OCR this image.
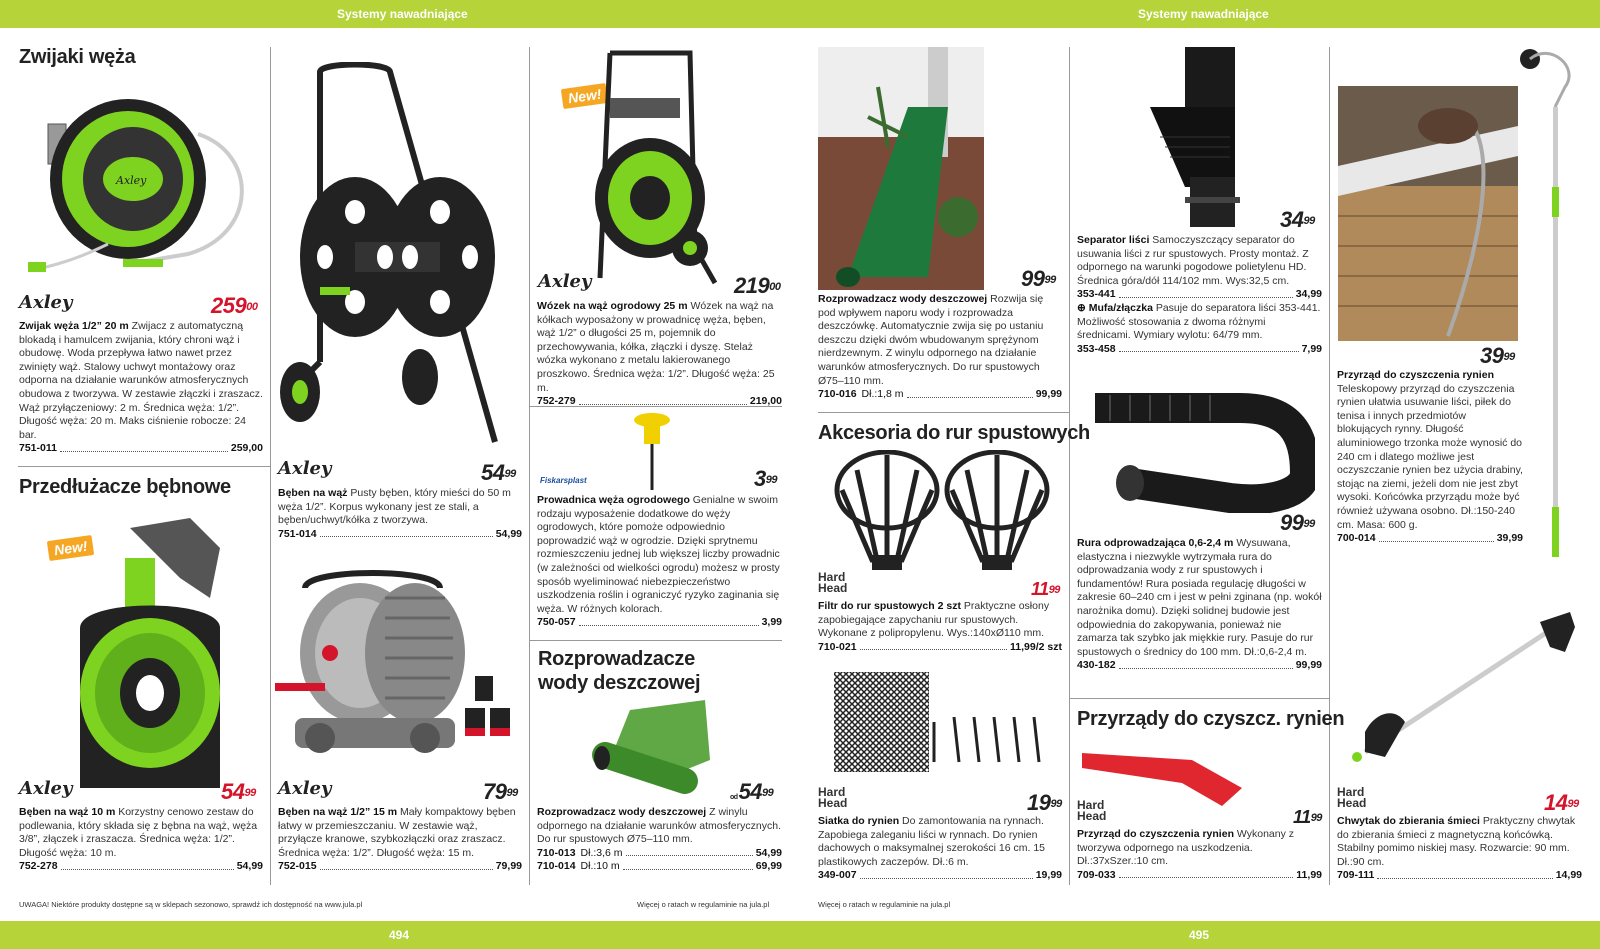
Systemy nawadniające	Systemy nawadniające
Zwijaki węża
Axley
Axley	$259^{00}$
Zwijak węża 1/2” 20 m Zwijacz z automatyczną blokadą i hamulcem zwijania, który chroni wąż i obudowę. Woda przepływa łatwo nawet przez zwinięty wąż. Stalowy uchwyt montażowy oraz odporna na działanie warunków atmosferycznych obudowa z tworzywa. W zestawie złączki i zraszacz. Wąż przyłączeniowy: 2 m. Średnica węża: 1/2”. Długość węża: 20 m. Maks ciśnienie robocze: 24 bar.
751-011	259,00
Przedłużacze bębnowe
New!
Axley	$54^{99}$
Bęben na wąż 10 m Korzystny cenowo zestaw do podlewania, który składa się z bębna na wąż, węża 3/8”, złączek i zraszacza. Średnica węża: 1/2”. Długość węża: 10 m.
752-278	54,99
Axley	$54^{99}$
Bęben na wąż Pusty bęben, który mieści do 50 m węża 1/2”. Korpus wykonany jest ze stali, a bęben/uchwyt/kółka z tworzywa.
751-014	54,99
Axley	$79^{99}$
Bęben na wąż 1/2” 15 m Mały kompaktowy bęben łatwy w przemieszczaniu. W zestawie wąż, przyłącze kranowe, szybkozłączki oraz zraszacz. Średnica węża: 1/2”. Długość węża: 15 m.
752-015	79,99
New!
Axley	$219^{00}$
Wózek na wąż ogrodowy 25 m Wózek na wąż na kółkach wyposażony w prowadnicę węża, bęben, wąż 1/2” o długości 25 m, pojemnik do przechowywania, kółka, złączki i dyszę. Stelaż wózka wykonano z metalu lakierowanego proszkowo. Średnica węża: 1/2”. Długość węża: 25 m.
752-279	219,00
Fiskarsplast	$3^{99}$
Prowadnica węża ogrodowego Genialne w swoim rodzaju wyposażenie dodatkowe do węży ogrodowych, które pomoże odpowiednio poprowadzić wąż w ogrodzie. Dzięki sprytnemu rozmieszczeniu jednej lub większej liczby prowadnic (w zależności od wielkości ogrodu) możesz w prosty sposób wyeliminować niebezpieczeństwo uszkodzenia roślin i ograniczyć ryzyko zaginania się węża. W różnych kolorach.
750-057	3,99
Rozprowadzacze wody deszczowej
$od54^{99}$
Rozprowadzacz wody deszczowej Z winylu odpornego na działanie warunków atmosferycznych. Do rur spustowych Ø75–110 mm.
710-013 Dł.:3,6 m	54,99
710-014 Dł.:10 m	69,99
$99^{99}$
Rozprowadzacz wody deszczowej Rozwija się pod wpływem naporu wody i rozprowadza deszczówkę. Automatycznie zwija się po ustaniu deszczu dzięki dwóm wbudowanym sprężynom nierdzewnym. Z winylu odpornego na działanie warunków atmosferycznych. Do rur spustowych Ø75–110 mm.
710-016 Dł.:1,8 m	99,99
Akcesoria do rur spustowych
Hard Head	$11^{99}$
Filtr do rur spustowych 2 szt Praktyczne osłony zapobiegające zapychaniu rur spustowych. Wykonane z polipropylenu. Wys.:140xØ110 mm.
710-021	11,99/2 szt
Hard Head	$19^{99}$
Siatka do rynien Do zamontowania na rynnach. Zapobiega zaleganiu liści w rynnach. Do rynien dachowych o maksymalnej szerokości 16 cm. 15 plastikowych zaczepów. Dł.:6 m.
349-007	19,99
$34^{99}$
Separator liści Samoczyszczący separator do usuwania liści z rur spustowych. Prosty montaż. Z odpornego na warunki pogodowe polietylenu HD. Średnica góra/dół 114/102 mm. Wys:32,5 cm.
353-441	34,99
⊕ Mufa/złączka Pasuje do separatora liści 353-441. Możliwość stosowania z dwoma różnymi średnicami. Wymiary wylotu: 64/79 mm.
353-458	7,99
$99^{99}$
Rura odprowadzająca 0,6-2,4 m Wysuwana, elastyczna i niezwykle wytrzymała rura do odprowadzania wody z rur spustowych i fundamentów! Rura posiada regulację długości w zakresie 60–240 cm i jest w pełni zginana (np. wokół narożnika domu). Dzięki solidnej budowie jest odpowiednia do zakopywania, ponieważ nie zamarza tak szybko jak miękkie rury. Pasuje do rur spustowych o średnicy do 100 mm. Dł.:0,6-2,4 m.
430-182	99,99
Przyrządy do czyszcz. rynien
Hard Head	$11^{99}$
Przyrząd do czyszczenia rynien Wykonany z tworzywa odpornego na uszkodzenia. Dł.:37xSzer.:10 cm.
709-033	11,99
$39^{99}$
Przyrząd do czyszczenia rynien
Teleskopowy przyrząd do czyszczenia rynien ułatwia usuwanie liści, piłek do tenisa i innych przedmiotów blokujących rynny. Długość aluminiowego trzonka może wynosić do 240 cm i dlatego możliwe jest oczyszczanie rynien bez użycia drabiny, stojąc na ziemi, jeżeli dom nie jest zbyt wysoki. Końcówka przyrządu może być również używana osobno. Dł.:150-240 cm. Masa: 600 g.
700-014	39,99
Hard Head	$14^{99}$
Chwytak do zbierania śmieci Praktyczny chwytak do zbierania śmieci z magnetyczną końcówką. Stabilny pomimo niskiej masy. Rozwarcie: 90 mm. Dł.:90 cm.
709-111	14,99
UWAGA! Niektóre produkty dostępne są w sklepach sezonowo, sprawdź ich dostępność na www.jula.pl	Więcej o ratach w regulaminie na jula.pl	Więcej o ratach w regulaminie na jula.pl
494	495
